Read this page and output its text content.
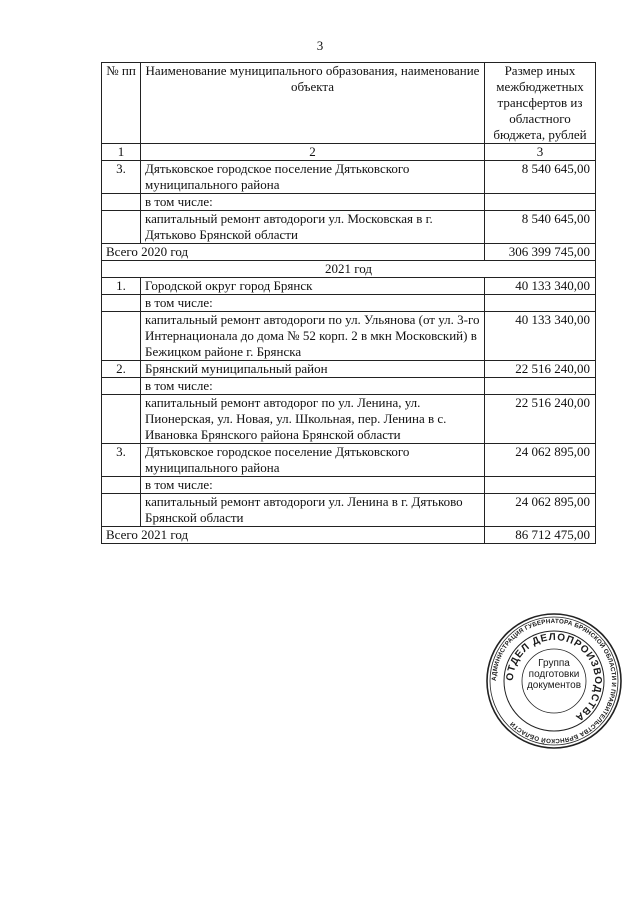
3
№ пп	Наименование муниципального образования, наименование объекта	Размер иных межбюджетных трансфертов из областного бюджета, рублей
1	2	3
3.	Дятьковское городское поселение Дятьковского муниципального района	8 540 645,00
	в том числе:	
	капитальный ремонт автодороги ул. Московская в г. Дятьково Брянской области	8 540 645,00
Всего 2020 год		306 399 745,00
2021 год		
1.	Городской округ город Брянск	40 133 340,00
	в том числе:	
	капитальный ремонт автодороги по ул. Ульянова (от ул. 3-го Интернационала до дома № 52 корп. 2 в мкн Московский) в Бежицком районе г. Брянска	40 133 340,00
2.	Брянский муниципальный район	22 516 240,00
	в том числе:	
	капитальный ремонт автодорог по ул. Ленина, ул. Пионерская, ул. Новая, ул. Школьная, пер. Ленина в с. Ивановка Брянского района Брянской области	22 516 240,00
3.	Дятьковское городское поселение Дятьковского муниципального района	24 062 895,00
	в том числе:	
	капитальный ремонт автодороги ул. Ленина в г. Дятьково Брянской области	24 062 895,00
Всего 2021 год		86 712 475,00
АДМИНИСТРАЦИЯ ГУБЕРНАТОРА БРЯНСКОЙ ОБЛАСТИ И ПРАВИТЕЛЬСТВА БРЯНСКОЙ ОБЛАСТИ
ОТДЕЛ ДЕЛОПРОИЗВОДСТВА
Группа
подготовки
документов
